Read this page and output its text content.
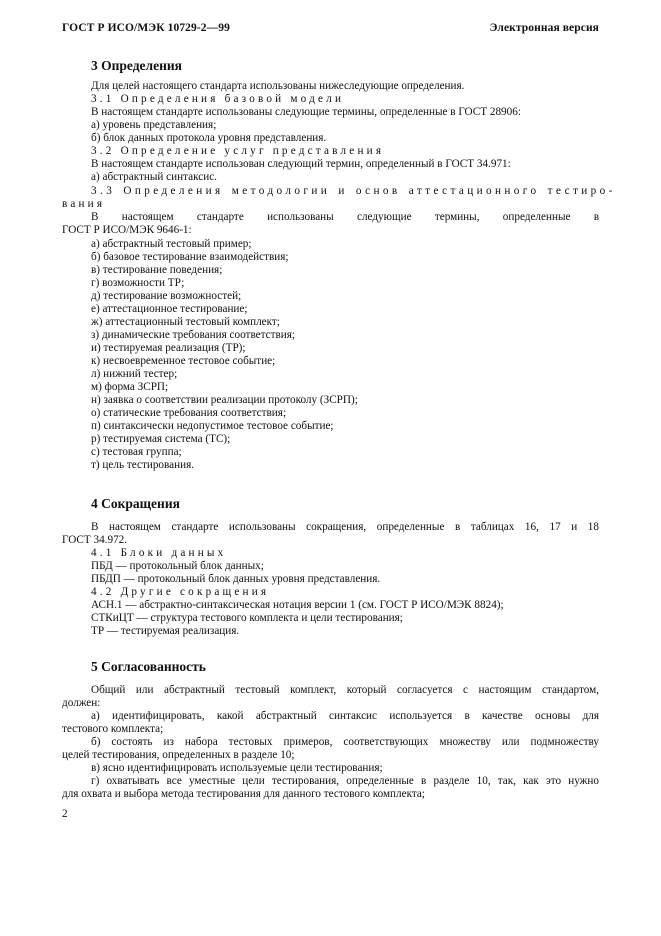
ГОСТ Р ИСО/МЭК 10729-2—99	Электронная версия
3 Определения
Для целей настоящего стандарта использованы нижеследующие определения.
3.1 Определения базовой модели
В настоящем стандарте использованы следующие термины, определенные в ГОСТ 28906:
а) уровень представления;
б) блок данных протокола уровня представления.
3.2 Определение услуг представления
В настоящем стандарте использован следующий термин, определенный в ГОСТ 34.971:
а) абстрактный синтаксис.
3.3 Определения методологии и основ аттестационного тестиро-
вания
В настоящем стандарте использованы следующие термины, определенные в
ГОСТ Р ИСО/МЭК 9646-1:
а) абстрактный тестовый пример;
б) базовое тестирование взаимодействия;
в) тестирование поведения;
г) возможности ТР;
д) тестирование возможностей;
е) аттестационное тестирование;
ж) аттестационный тестовый комплект;
з) динамические требования соответствия;
и) тестируемая реализация (ТР);
к) несвоевременное тестовое событие;
л) нижний тестер;
м) форма ЗСРП;
н) заявка о соответствии реализации протоколу (ЗСРП);
о) статические требования соответствия;
п) синтаксически недопустимое тестовое событие;
р) тестируемая система (ТС);
с) тестовая группа;
т) цель тестирования.
4 Сокращения
В настоящем стандарте использованы сокращения, определенные в таблицах 16, 17 и 18
ГОСТ 34.972.
4.1 Блоки данных
ПБД — протокольный блок данных;
ПБДП — протокольный блок данных уровня представления.
4.2 Другие сокращения
АСН.1 — абстрактно-синтаксическая нотация версии 1 (см. ГОСТ Р ИСО/МЭК 8824);
СТКиЦТ — структура тестового комплекта и цели тестирования;
ТР — тестируемая реализация.
5 Согласованность
Общий или абстрактный тестовый комплект, который согласуется с настоящим стандартом,
должен:
а) идентифицировать, какой абстрактный синтаксис используется в качестве основы для
тестового комплекта;
б) состоять из набора тестовых примеров, соответствующих множеству или подмножеству
целей тестирования, определенных в разделе 10;
в) ясно идентифицировать используемые цели тестирования;
г) охватывать все уместные цели тестирования, определенные в разделе 10, так, как это нужно
для охвата и выбора метода тестирования для данного тестового комплекта;
2
